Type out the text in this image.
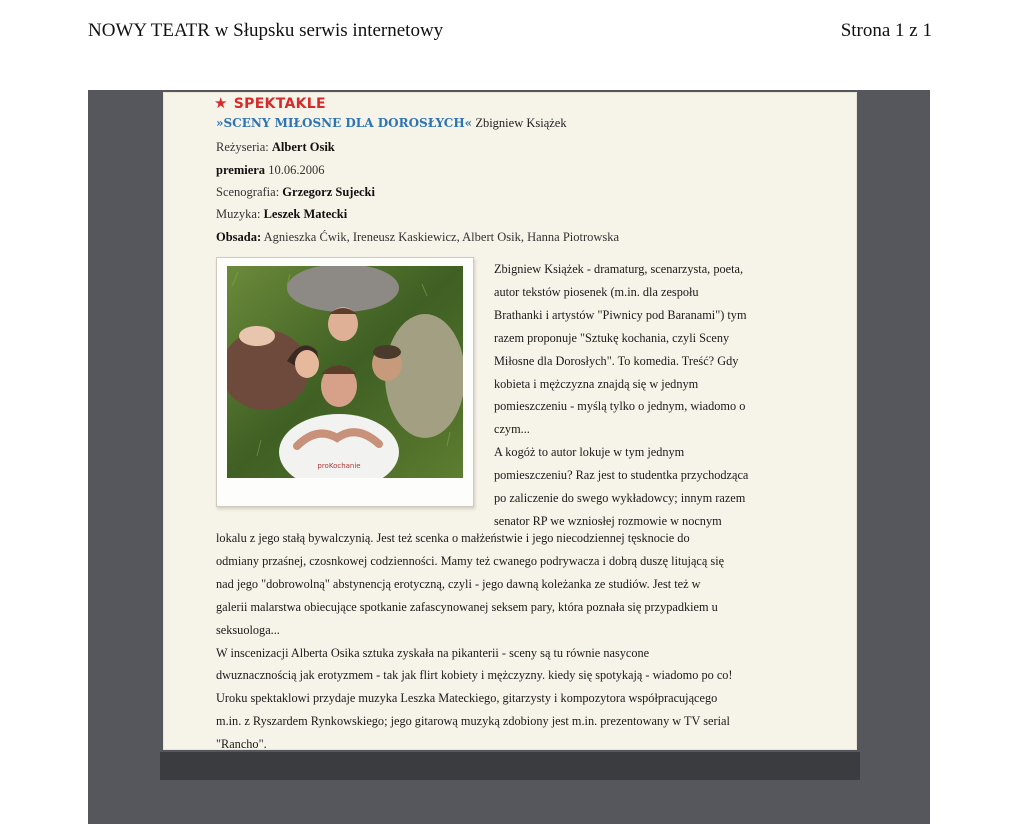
NOWY TEATR w Słupsku serwis internetowy	Strona 1 z 1
★ SPEKTAKLE
»SCENY MIŁOSNE DLA DOROSŁYCH« Zbigniew Książek
Reżyseria: Albert Osik
premiera 10.06.2006
Scenografia: Grzegorz Sujecki
Muzyka: Leszek Matecki
Obsada: Agnieszka Ćwik, Ireneusz Kaskiewicz, Albert Osik, Hanna Piotrowska
proKochanie
Zbigniew Książek - dramaturg, scenarzysta, poeta,
autor tekstów piosenek (m.in. dla zespołu
Brathanki i artystów "Piwnicy pod Baranami") tym
razem proponuje "Sztukę kochania, czyli Sceny
Miłosne dla Dorosłych". To komedia. Treść? Gdy
kobieta i mężczyzna znajdą się w jednym
pomieszczeniu - myślą tylko o jednym, wiadomo o
czym...
A kogóż to autor lokuje w tym jednym
pomieszczeniu? Raz jest to studentka przychodząca
po zaliczenie do swego wykładowcy; innym razem
senator RP we wzniosłej rozmowie w nocnym
lokalu z jego stałą bywalczynią. Jest też scenka o małżeństwie i jego niecodziennej tęsknocie do
odmiany przaśnej, czosnkowej codzienności. Mamy też cwanego podrywacza i dobrą duszę litującą się
nad jego "dobrowolną" abstynencją erotyczną, czyli - jego dawną koleżanka ze studiów. Jest też w
galerii malarstwa obiecujące spotkanie zafascynowanej seksem pary, która poznała się przypadkiem u
seksuologa...
W inscenizacji Alberta Osika sztuka zyskała na pikanterii - sceny są tu równie nasycone
dwuznacznością jak erotyzmem - tak jak flirt kobiety i mężczyzny. kiedy się spotykają - wiadomo po co!
Uroku spektaklowi przydaje muzyka Leszka Mateckiego, gitarzysty i kompozytora współpracującego
m.in. z Ryszardem Rynkowskiego; jego gitarową muzyką zdobiony jest m.in. prezentowany w TV serial
"Rancho".
